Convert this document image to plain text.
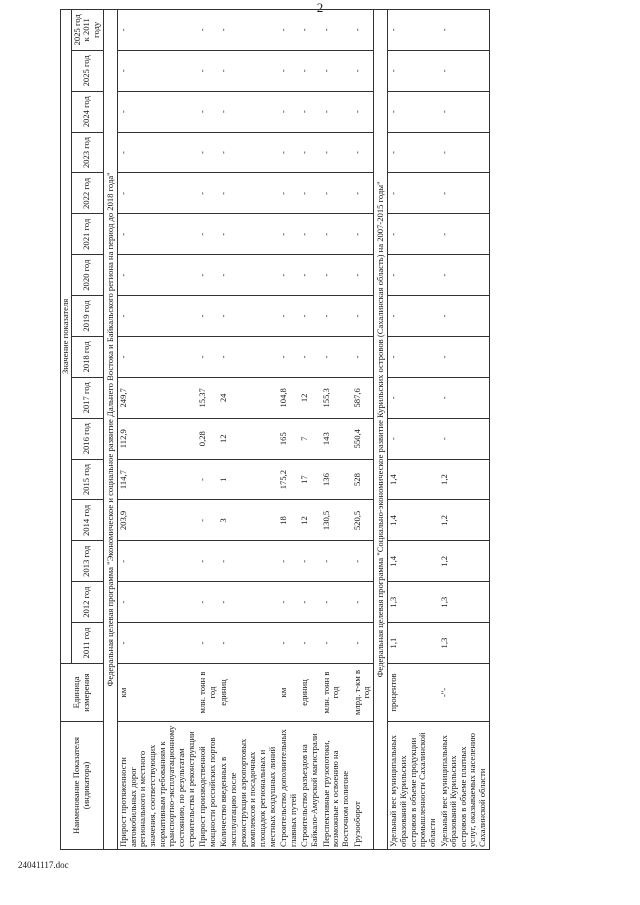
2
Наименование Показателя (индикатора)	Единица измерения	Значение показателя															
		2011 год	2012 год	2013 год	2014 год	2015 год	2016 год	2017 год	2018 год	2019 год	2020 год	2021 год	2022 год	2023 год	2024 год	2025 год	2025 год к 2011 году
Федеральная целевая программа "Экономическое и социальное развитие Дальнего Востока и Байкальского региона на период до 2018 года"																	
Прирост протяженности автомобильных дорог регионального и местного значения, соответствующих нормативным требованиям к транспортно-эксплуатационному состоянию, по результатам строительства и реконструкции	км	-	-	-	203,9	114,7	112,9	249,7	-	-	-	-	-	-	-	-	-
Прирост производственной мощности российских портов	млн. тонн в год	-	-	-	-	-	0,28	15,37	-	-	-	-	-	-	-	-	-
Количество введенных в эксплуатацию после реконструкции аэропортовых комплексов и посадочных площадок региональных и местных воздушных линий	единиц	-	-	-	3	1	12	24	-	-	-	-	-	-	-	-	-
Строительство дополнительных главных путей	км	-	-	-	18	175,2	165	104,8	-	-	-	-	-	-	-	-	-
Строительство разъездов на Байкало-Амурской магистрали	единиц	-	-	-	12	17	7	12	-	-	-	-	-	-	-	-	-
Перспективные грузопотоки, возможные к освоению на Восточном полигоне	млн. тонн в год	-	-	-	130,5	136	143	155,3	-	-	-	-	-	-	-	-	-
Грузооборот	млрд. т-км в год	-	-	-	520,5	528	550,4	587,6	-	-	-	-	-	-	-	-	-
Федеральная целевая программа "Социально-экономическое развитие Курильских островов (Сахалинская область) на 2007-2015 годы"																	
Удельный вес муниципальных образований Курильских островов в объеме продукции промышленности Сахалинской области	процентов	1,1	1,3	1,4	1,4	1,4	-	-	-	-	-	-	-	-	-	-	-
Удельный вес муниципальных образований Курильских островов в объеме платных услуг, оказываемых населению Сахалинской области	-"-	1,3	1,3	1,2	1,2	1,2	-	-	-	-	-	-	-	-	-	-	-
24041117.doc
